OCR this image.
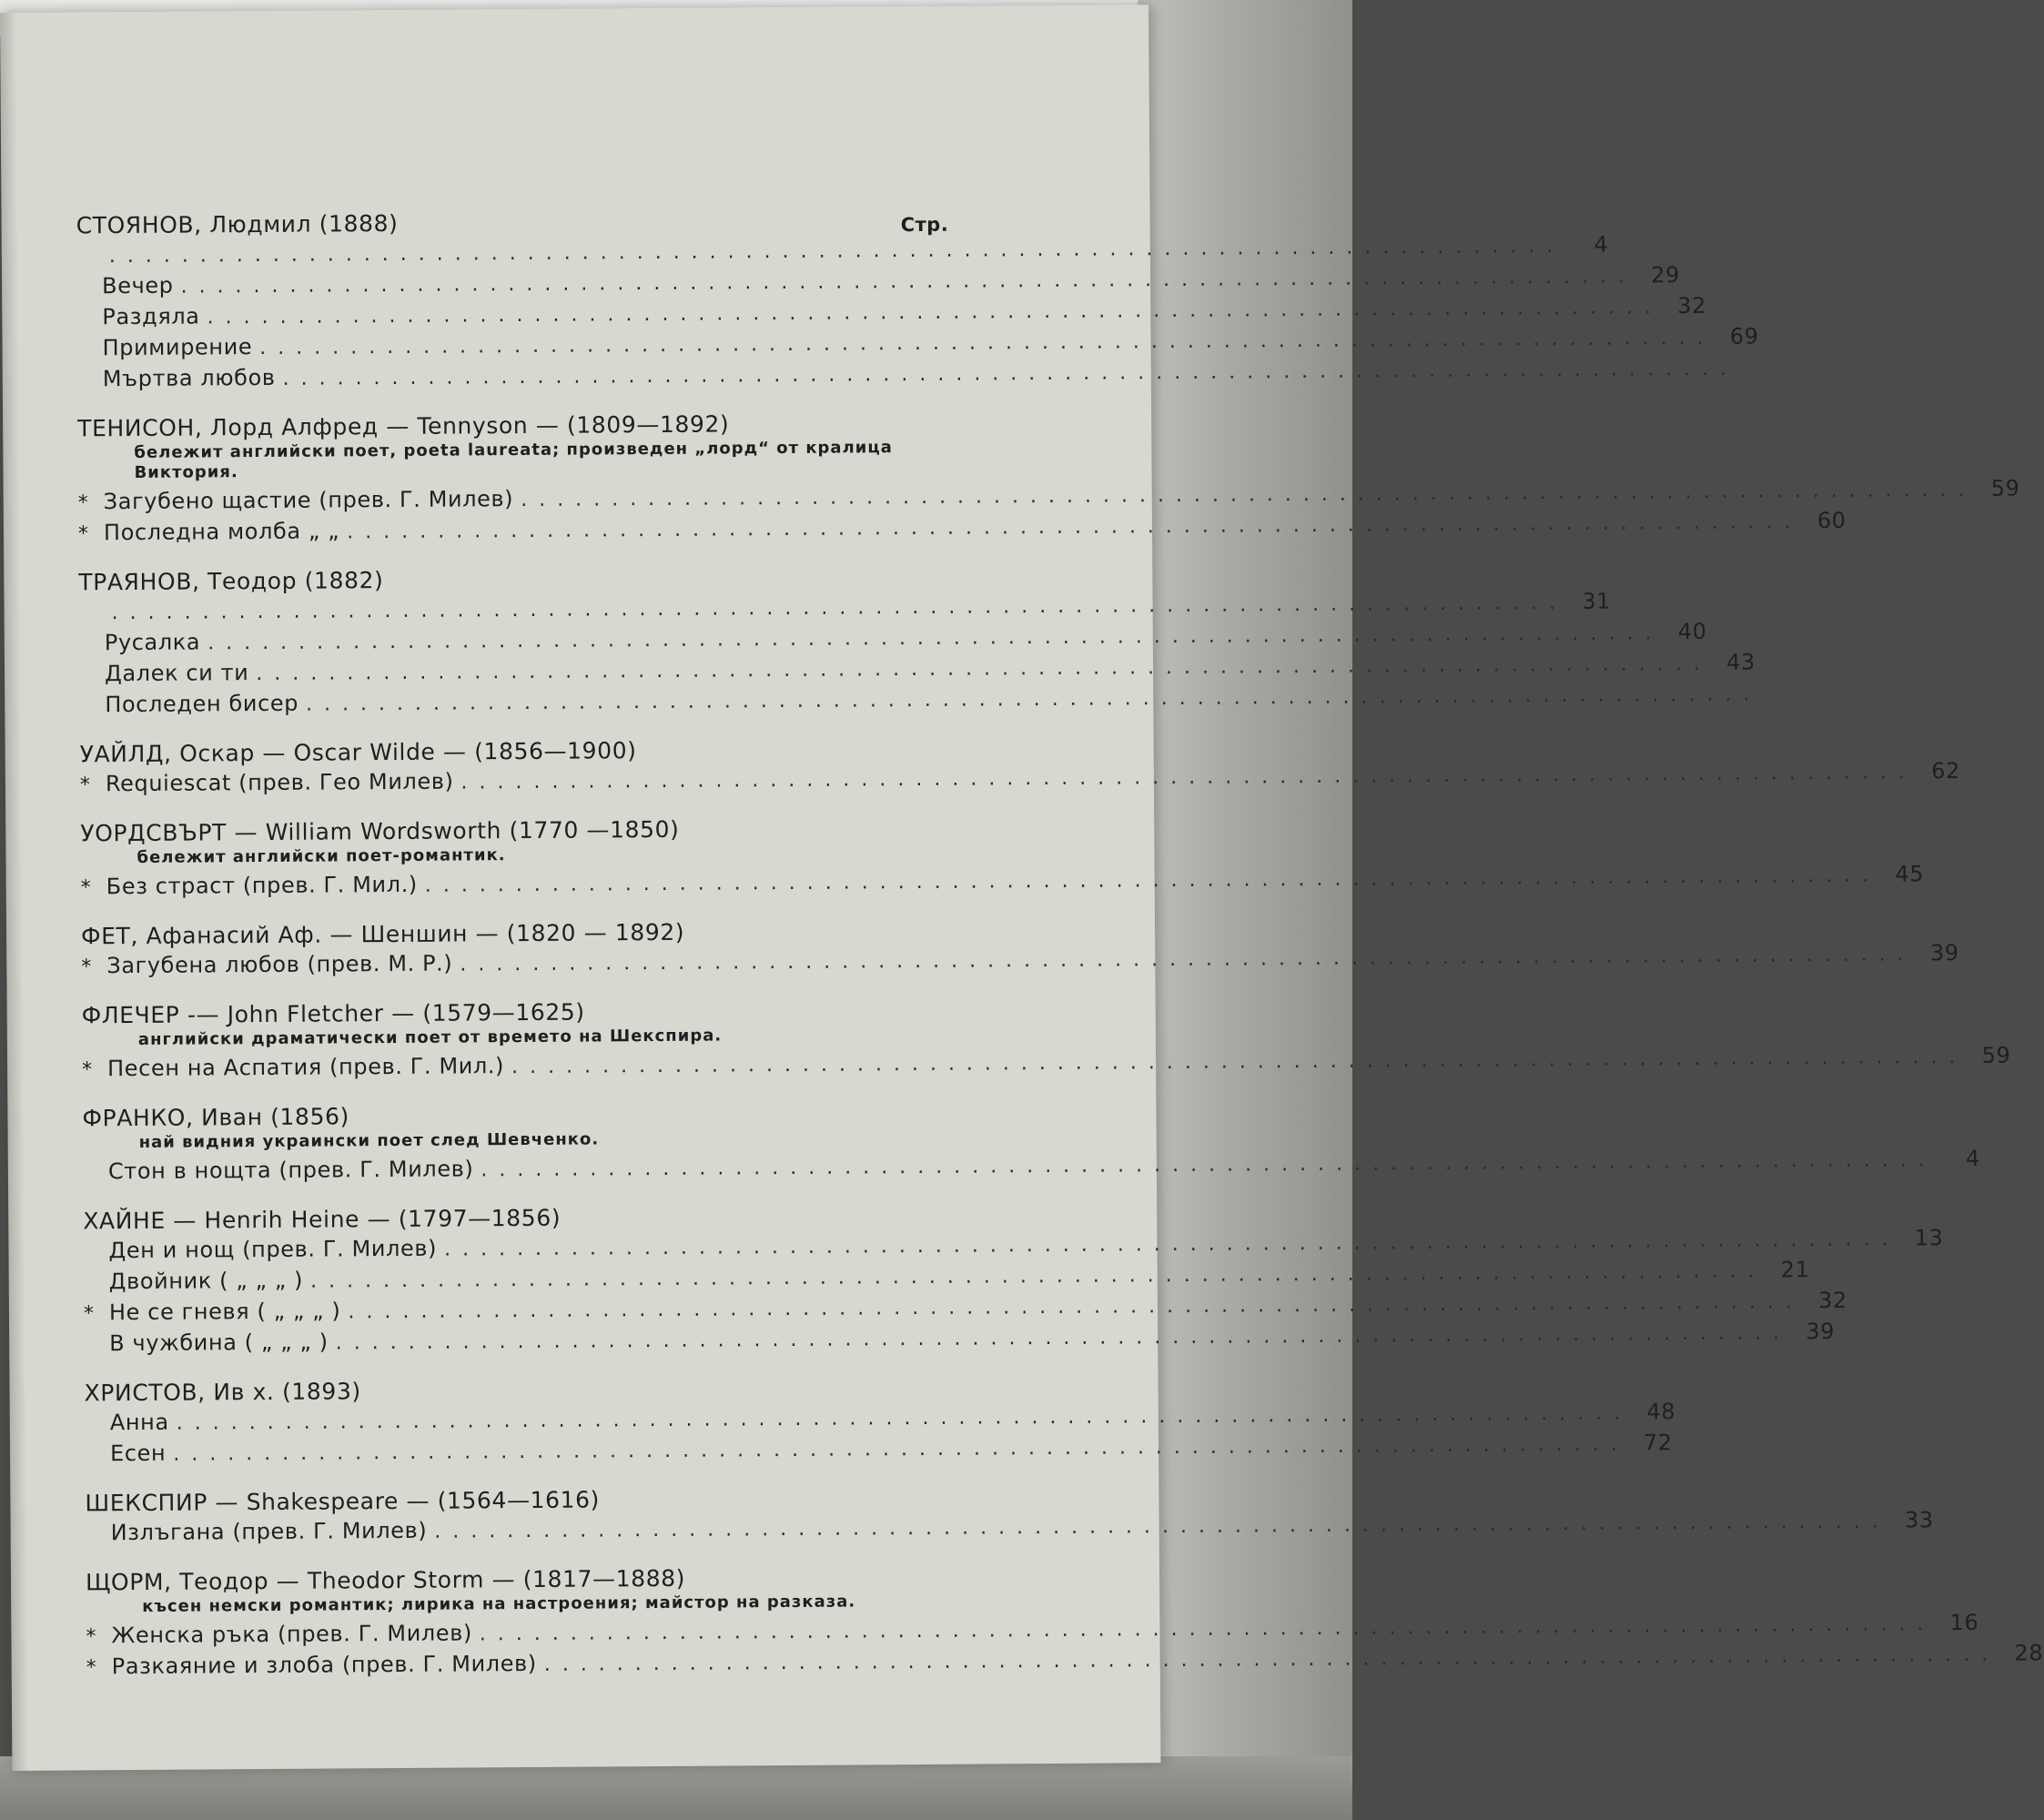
Стр.
СТОЯНОВ, Людмил (1888)
................................................................................	4
Вечер ................................................................................ 29
Раздяла ................................................................................ 32
Примирение ................................................................................ 69
Мъртва любов ................................................................................
ТЕНИСОН, Лорд Алфред — Tennyson — (1809—1892)
бележит английски поет, poeta laureata; произведен „лорд“ от кралица Виктория.
* Загубено щастие (прев. Г. Милев) ................................................................................ 59
* Последна молба „ „ ................................................................................ 60
ТРАЯНОВ, Теодор (1882)
................................................................................ 31
Русалка ................................................................................ 40
Далек си ти ................................................................................ 43
Последен бисер ................................................................................
УАЙЛД, Оскар — Oscar Wilde — (1856—1900)
* Requiescat (прев. Гео Милев) ................................................................................ 62
УОРДСВЪРТ — William Wordsworth (1770 —1850)
бележит английски поет-романтик.
* Без страст (прев. Г. Мил.) ................................................................................ 45
ФЕТ, Афанасий Аф. — Шеншин — (1820 — 1892)
* Загубена любов (прев. М. Р.) ................................................................................ 39
ФЛЕЧЕР -— John Fletcher — (1579—1625)
английски драматически поет от времето на Шекспира.
* Песен на Аспатия (прев. Г. Мил.) ................................................................................ 59
ФРАНКО, Иван (1856)
най видния украински поет след Шевченко.
Стон в нощта (прев. Г. Милев) ................................................................................	4
ХАЙНЕ — Henrih Heine — (1797—1856)
Ден и нощ (прев. Г. Милев) ................................................................................ 13
Двойник ( „ „ „ ) ................................................................................ 21
* Не се гневя ( „ „ „ ) ................................................................................ 32
В чужбина ( „ „ „ ) ................................................................................ 39
ХРИСТОВ, Ив х. (1893)
Анна ................................................................................ 48
Есен ................................................................................ 72
ШЕКСПИР — Shakespeare — (1564—1616)
Излъгана (прев. Г. Милев) ................................................................................ 33
ЩОРМ, Теодор — Theodor Storm — (1817—1888)
късен немски романтик; лирика на настроения; майстор на разказа.
* Женска ръка (прев. Г. Милев) ................................................................................ 16
* Разкаяние и злоба (прев. Г. Милев) ................................................................................ 28
